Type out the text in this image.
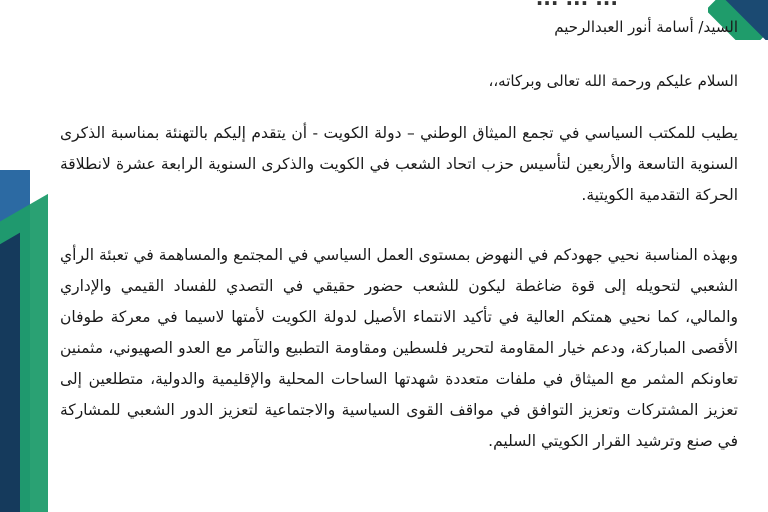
السيد/ أسامة أنور العبدالرحيم
السلام عليكم ورحمة الله تعالى وبركاته،،
يطيب للمكتب السياسي في تجمع الميثاق الوطني – دولة الكويت - أن يتقدم إليكم بالتهنئة بمناسبة الذكرى السنوية التاسعة والأربعين لتأسيس حزب اتحاد الشعب في الكويت والذكرى السنوية الرابعة عشرة لانطلاقة الحركة التقدمية الكويتية.
وبهذه المناسبة نحيي جهودكم في النهوض بمستوى العمل السياسي في المجتمع والمساهمة في تعبئة الرأي الشعبي لتحويله إلى قوة ضاغطة ليكون للشعب حضور حقيقي في التصدي للفساد القيمي والإداري والمالي، كما نحيي همتكم العالية في تأكيد الانتماء الأصيل لدولة الكويت لأمتها لاسيما في معركة طوفان الأقصى المباركة، ودعم خيار المقاومة لتحرير فلسطين ومقاومة التطبيع والتآمر مع العدو الصهيوني، مثمنين تعاونكم المثمر مع الميثاق في ملفات متعددة شهدتها الساحات المحلية والإقليمية والدولية، متطلعين إلى تعزيز المشتركات وتعزيز التوافق في مواقف القوى السياسية والاجتماعية لتعزيز الدور الشعبي للمشاركة في صنع وترشيد القرار الكويتي السليم.
